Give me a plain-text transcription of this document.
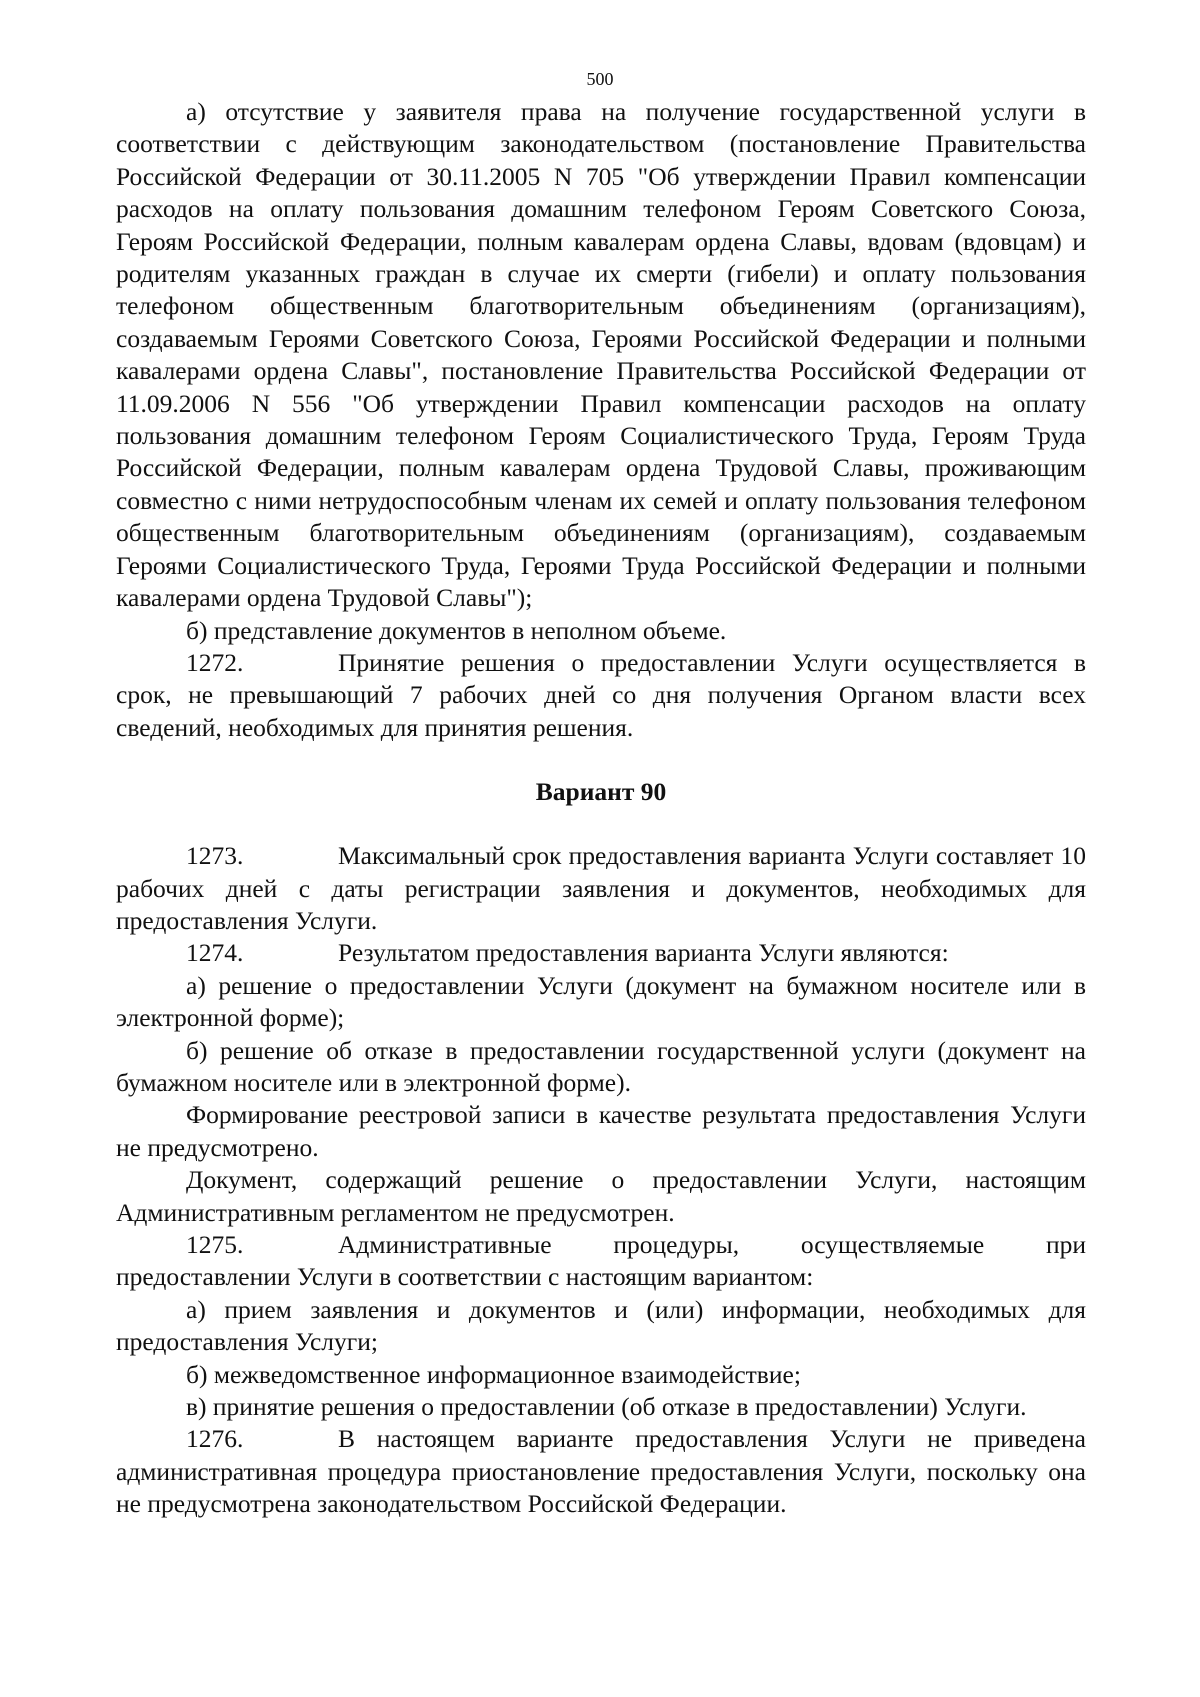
500

а) отсутствие у заявителя права на получение государственной услуги в соответствии с действующим законодательством (постановление Правительства Российской Федерации от 30.11.2005 N 705 "Об утверждении Правил компенсации расходов на оплату пользования домашним телефоном Героям Советского Союза, Героям Российской Федерации, полным кавалерам ордена Славы, вдовам (вдовцам) и родителям указанных граждан в случае их смерти (гибели) и оплату пользования телефоном общественным благотворительным объединениям (организациям), создаваемым Героями Советского Союза, Героями Российской Федерации и полными кавалерами ордена Славы", постановление Правительства Российской Федерации от 11.09.2006 N 556 "Об утверждении Правил компенсации расходов на оплату пользования домашним телефоном Героям Социалистического Труда, Героям Труда Российской Федерации, полным кавалерам ордена Трудовой Славы, проживающим совместно с ними нетрудоспособным членам их семей и оплату пользования телефоном общественным благотворительным объединениям (организациям), создаваемым Героями Социалистического Труда, Героями Труда Российской Федерации и полными кавалерами ордена Трудовой Славы");

б) представление документов в неполном объеме.

1272.	Принятие решения о предоставлении Услуги осуществляется в срок, не превышающий 7 рабочих дней со дня получения Органом власти всех сведений, необходимых для принятия решения.

Вариант 90

1273.	Максимальный срок предоставления варианта Услуги составляет 10 рабочих дней с даты регистрации заявления и документов, необходимых для предоставления Услуги.

1274.	Результатом предоставления варианта Услуги являются:

а) решение о предоставлении Услуги (документ на бумажном носителе или в электронной форме);

б) решение об отказе в предоставлении государственной услуги (документ на бумажном носителе или в электронной форме).

Формирование реестровой записи в качестве результата предоставления Услуги не предусмотрено.

Документ, содержащий решение о предоставлении Услуги, настоящим Административным регламентом не предусмотрен.

1275.	Административные процедуры, осуществляемые при предоставлении Услуги в соответствии с настоящим вариантом:

а) прием заявления и документов и (или) информации, необходимых для предоставления Услуги;

б) межведомственное информационное взаимодействие;

в) принятие решения о предоставлении (об отказе в предоставлении) Услуги.

1276.	В настоящем варианте предоставления Услуги не приведена административная процедура приостановление предоставления Услуги, поскольку она не предусмотрена законодательством Российской Федерации.
